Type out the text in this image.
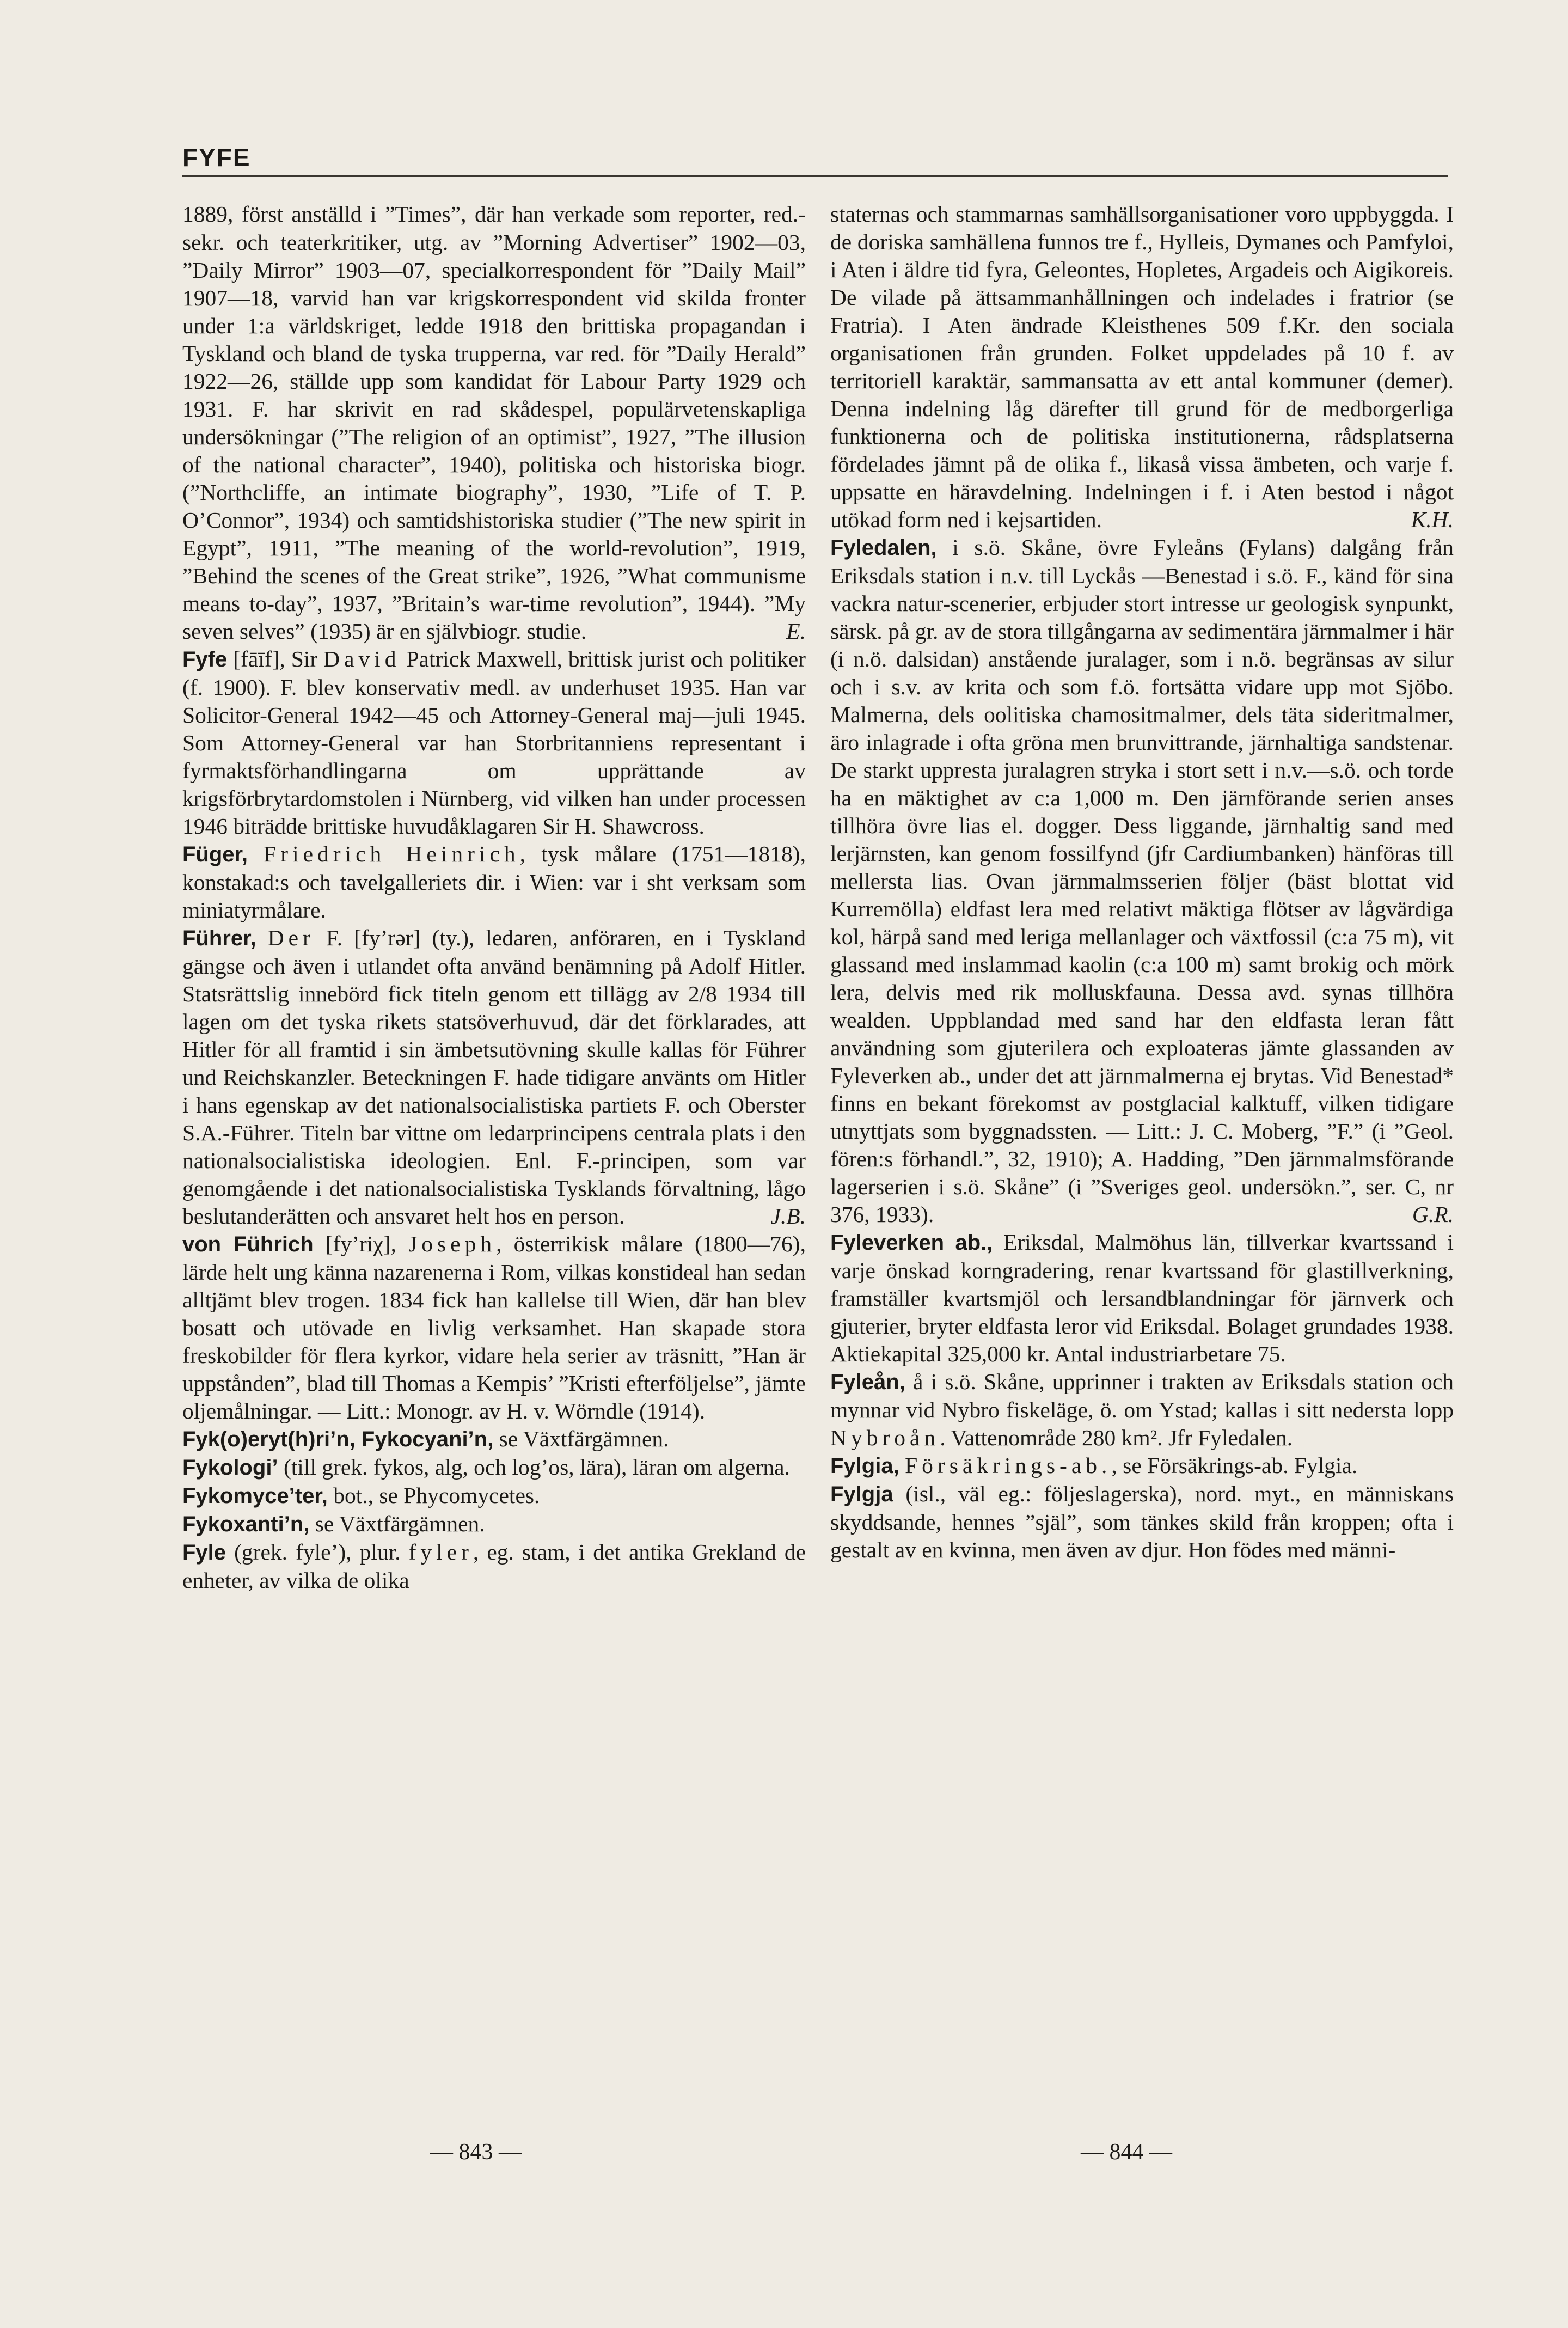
FYFE

1889, först anställd i ”Times”, där han verkade som reporter, red.-sekr. och teaterkritiker, utg. av ”Morning Advertiser” 1902—03, ”Daily Mirror” 1903—07, specialkorrespondent för ”Daily Mail” 1907—18, varvid han var krigskorrespondent vid skilda fronter under 1:a världskriget, ledde 1918 den brittiska propagandan i Tyskland och bland de tyska trupperna, var red. för ”Daily Herald” 1922—26, ställde upp som kandidat för Labour Party 1929 och 1931. F. har skrivit en rad skådespel, populärvetenskapliga undersökningar (”The religion of an optimist”, 1927, ”The illusion of the national character”, 1940), politiska och historiska biogr. (”Northcliffe, an intimate biography”, 1930, ”Life of T. P. O’Connor”, 1934) och samtidshistoriska studier (”The new spirit in Egypt”, 1911, ”The meaning of the world-revolution”, 1919, ”Behind the scenes of the Great strike”, 1926, ”What communisme means to-day”, 1937, ”Britain’s war-time revolution”, 1944). ”My seven selves” (1935) är en självbiogr. studie.	E.

Fyfe [fāīf], Sir David Patrick Maxwell, brittisk jurist och politiker (f. 1900). F. blev konservativ medl. av underhuset 1935. Han var Solicitor-General 1942—45 och Attorney-General maj—juli 1945. Som Attorney-General var han Storbritanniens representant i fyrmaktsförhandlingarna om upprättande av krigsförbrytardomstolen i Nürnberg, vid vilken han under processen 1946 biträdde brittiske huvudåklagaren Sir H. Shawcross.

Füger, Friedrich Heinrich, tysk målare (1751—1818), konstakad:s och tavelgalleriets dir. i Wien: var i sht verksam som miniatyrmålare.

Führer, Der F. [fy’rər] (ty.), ledaren, anföraren, en i Tyskland gängse och även i utlandet ofta använd benämning på Adolf Hitler. Statsrättslig innebörd fick titeln genom ett tillägg av 2/8 1934 till lagen om det tyska rikets statsöverhuvud, där det förklarades, att Hitler för all framtid i sin ämbetsutövning skulle kallas för Führer und Reichskanzler. Beteckningen F. hade tidigare använts om Hitler i hans egenskap av det nationalsocialistiska partiets F. och Oberster S.A.-Führer. Titeln bar vittne om ledarprincipens centrala plats i den nationalsocialistiska ideologien. Enl. F.-principen, som var genomgående i det nationalsocialistiska Tysklands förvaltning, lågo beslutanderätten och ansvaret helt hos en person.	J.B.

von Führich [fy’riχ], Joseph, österrikisk målare (1800—76), lärde helt ung känna nazarenerna i Rom, vilkas konstideal han sedan alltjämt blev trogen. 1834 fick han kallelse till Wien, där han blev bosatt och utövade en livlig verksamhet. Han skapade stora freskobilder för flera kyrkor, vidare hela serier av träsnitt, ”Han är uppstånden”, blad till Thomas a Kempis’ ”Kristi efterföljelse”, jämte oljemålningar. — Litt.: Monogr. av H. v. Wörndle (1914).

Fyk(o)eryt(h)ri’n, Fykocyani’n, se Växtfärgämnen.

Fykologi’ (till grek. fykos, alg, och log’os, lära), läran om algerna.

Fykomyce’ter, bot., se Phycomycetes.

Fykoxanti’n, se Växtfärgämnen.

Fyle (grek. fyle’), plur. fyler, eg. stam, i det antika Grekland de enheter, av vilka de olika

staternas och stammarnas samhällsorganisationer voro uppbyggda. I de doriska samhällena funnos tre f., Hylleis, Dymanes och Pamfyloi, i Aten i äldre tid fyra, Geleontes, Hopletes, Argadeis och Aigikoreis. De vilade på ättsammanhållningen och indelades i fratrior (se Fratria). I Aten ändrade Kleisthenes 509 f.Kr. den sociala organisationen från grunden. Folket uppdelades på 10 f. av territoriell karaktär, sammansatta av ett antal kommuner (demer). Denna indelning låg därefter till grund för de medborgerliga funktionerna och de politiska institutionerna, rådsplatserna fördelades jämnt på de olika f., likaså vissa ämbeten, och varje f. uppsatte en häravdelning. Indelningen i f. i Aten bestod i något utökad form ned i kejsartiden.	K.H.

Fyledalen, i s.ö. Skåne, övre Fyleåns (Fylans) dalgång från Eriksdals station i n.v. till Lyckås —Benestad i s.ö. F., känd för sina vackra natur-scenerier, erbjuder stort intresse ur geologisk synpunkt, särsk. på gr. av de stora tillgångarna av sedimentära järnmalmer i här (i n.ö. dalsidan) anstående juralager, som i n.ö. begränsas av silur och i s.v. av krita och som f.ö. fortsätta vidare upp mot Sjöbo. Malmerna, dels oolitiska chamositmalmer, dels täta sideritmalmer, äro inlagrade i ofta gröna men brunvittrande, järnhaltiga sandstenar. De starkt uppresta juralagren stryka i stort sett i n.v.—s.ö. och torde ha en mäktighet av c:a 1,000 m. Den järnförande serien anses tillhöra övre lias el. dogger. Dess liggande, järnhaltig sand med lerjärnsten, kan genom fossilfynd (jfr Cardiumbanken) hänföras till mellersta lias. Ovan järnmalmsserien följer (bäst blottat vid Kurremölla) eldfast lera med relativt mäktiga flötser av lågvärdiga kol, härpå sand med leriga mellanlager och växtfossil (c:a 75 m), vit glassand med inslammad kaolin (c:a 100 m) samt brokig och mörk lera, delvis med rik molluskfauna. Dessa avd. synas tillhöra wealden. Uppblandad med sand har den eldfasta leran fått användning som gjuterilera och exploateras jämte glassanden av Fyleverken ab., under det att järnmalmerna ej brytas. Vid Benestad* finns en bekant förekomst av postglacial kalktuff, vilken tidigare utnyttjats som byggnadssten. — Litt.: J. C. Moberg, ”F.” (i ”Geol. fören:s förhandl.”, 32, 1910); A. Hadding, ”Den järnmalmsförande lagerserien i s.ö. Skåne” (i ”Sveriges geol. undersökn.”, ser. C, nr 376, 1933).	G.R.

Fyleverken ab., Eriksdal, Malmöhus län, tillverkar kvartssand i varje önskad korngradering, renar kvartssand för glastillverkning, framställer kvartsmjöl och lersandblandningar för järnverk och gjuterier, bryter eldfasta leror vid Eriksdal. Bolaget grundades 1938. Aktiekapital 325,000 kr. Antal industriarbetare 75.

Fyleån, å i s.ö. Skåne, upprinner i trakten av Eriksdals station och mynnar vid Nybro fiskeläge, ö. om Ystad; kallas i sitt nedersta lopp Nybroån. Vattenområde 280 km². Jfr Fyledalen.

Fylgia, Försäkrings-ab., se Försäkrings-ab. Fylgia.

Fylgja (isl., väl eg.: följeslagerska), nord. myt., en människans skyddsande, hennes ”själ”, som tänkes skild från kroppen; ofta i gestalt av en kvinna, men även av djur. Hon födes med männi-

— 843 —	— 844 —
